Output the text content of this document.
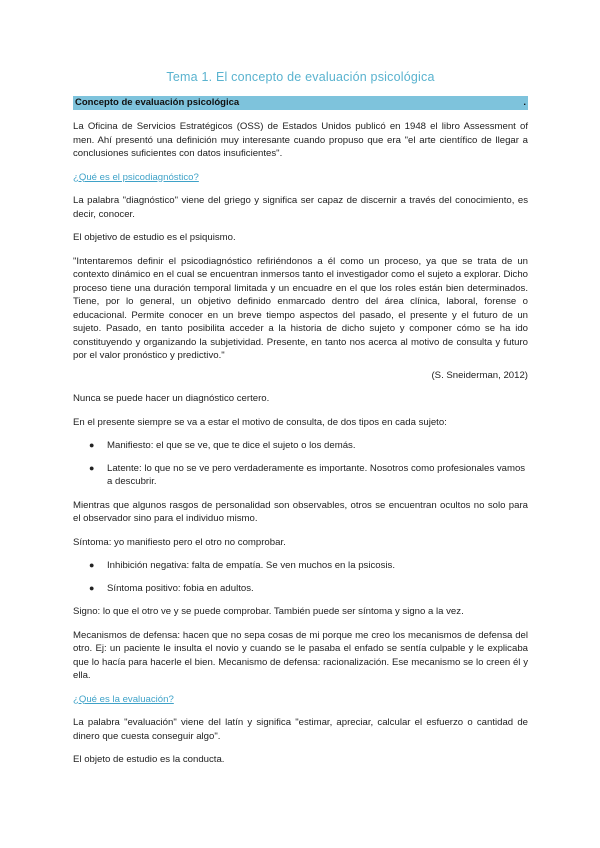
Tema 1. El concepto de evaluación psicológica
Concepto de evaluación psicológica	.

La Oficina de Servicios Estratégicos (OSS) de Estados Unidos publicó en 1948 el libro Assessment of men. Ahí presentó una definición muy interesante cuando propuso que era "el arte científico de llegar a conclusiones suficientes con datos insuficientes".

¿Qué es el psicodiagnóstico?

La palabra "diagnóstico" viene del griego y significa ser capaz de discernir a través del conocimiento, es decir, conocer.

El objetivo de estudio es el psiquismo.

"Intentaremos definir el psicodiagnóstico refiriéndonos a él como un proceso, ya que se trata de un contexto dinámico en el cual se encuentran inmersos tanto el investigador como el sujeto a explorar. Dicho proceso tiene una duración temporal limitada y un encuadre en el que los roles están bien determinados. Tiene, por lo general, un objetivo definido enmarcado dentro del área clínica, laboral, forense o educacional. Permite conocer en un breve tiempo aspectos del pasado, el presente y el futuro de un sujeto. Pasado, en tanto posibilita acceder a la historia de dicho sujeto y componer cómo se ha ido constituyendo y organizando la subjetividad. Presente, en tanto nos acerca al motivo de consulta y futuro por el valor pronóstico y predictivo."

(S. Sneiderman, 2012)

Nunca se puede hacer un diagnóstico certero.

En el presente siempre se va a estar el motivo de consulta, de dos tipos en cada sujeto:

● Manifiesto: el que se ve, que te dice el sujeto o los demás.
● Latente: lo que no se ve pero verdaderamente es importante. Nosotros como profesionales vamos a descubrir.

Mientras que algunos rasgos de personalidad son observables, otros se encuentran ocultos no solo para el observador sino para el individuo mismo.

Síntoma: yo manifiesto pero el otro no comprobar.

● Inhibición negativa: falta de empatía. Se ven muchos en la psicosis.
● Síntoma positivo: fobia en adultos.

Signo: lo que el otro ve y se puede comprobar. También puede ser síntoma y signo a la vez.

Mecanismos de defensa: hacen que no sepa cosas de mi porque me creo los mecanismos de defensa del otro. Ej: un paciente le insulta el novio y cuando se le pasaba el enfado se sentía culpable y le explicaba que lo hacía para hacerle el bien. Mecanismo de defensa: racionalización. Ese mecanismo se lo creen él y ella.

¿Qué es la evaluación?

La palabra "evaluación" viene del latín y significa "estimar, apreciar, calcular el esfuerzo o cantidad de dinero que cuesta conseguir algo".

El objeto de estudio es la conducta.
